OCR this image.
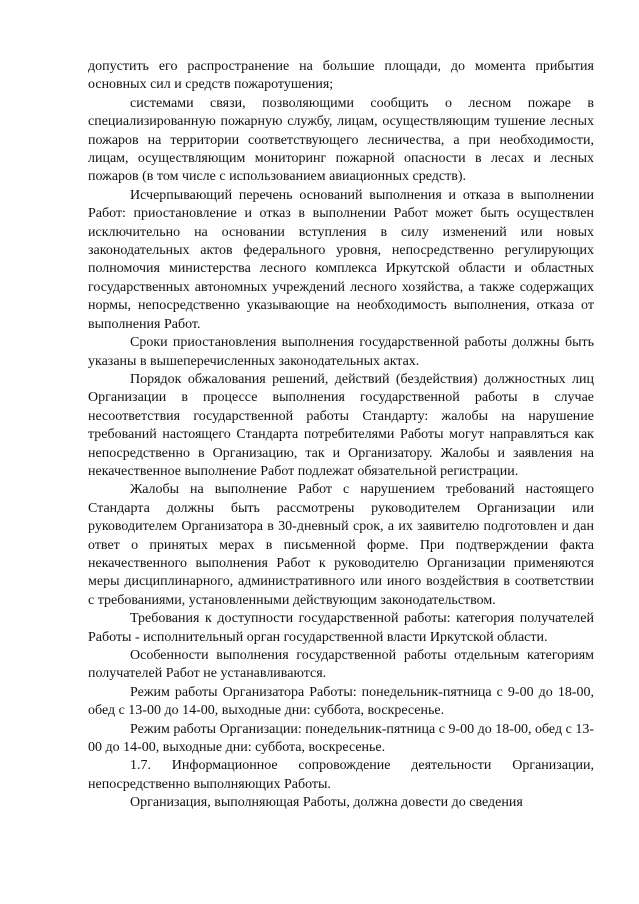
допустить его распространение на большие площади, до момента прибытия основных сил и средств пожаротушения;

системами связи, позволяющими сообщить о лесном пожаре в специализированную пожарную службу, лицам, осуществляющим тушение лесных пожаров на территории соответствующего лесничества, а при необходимости, лицам, осуществляющим мониторинг пожарной опасности в лесах и лесных пожаров (в том числе с использованием авиационных средств).

Исчерпывающий перечень оснований выполнения и отказа в выполнении Работ: приостановление и отказ в выполнении Работ может быть осуществлен исключительно на основании вступления в силу изменений или новых законодательных актов федерального уровня, непосредственно регулирующих полномочия министерства лесного комплекса Иркутской области и областных государственных автономных учреждений лесного хозяйства, а также содержащих нормы, непосредственно указывающие на необходимость выполнения, отказа от выполнения Работ.

Сроки приостановления выполнения государственной работы должны быть указаны в вышеперечисленных законодательных актах.

Порядок обжалования решений, действий (бездействия) должностных лиц Организации в процессе выполнения государственной работы в случае несоответствия государственной работы Стандарту: жалобы на нарушение требований настоящего Стандарта потребителями Работы могут направляться как непосредственно в Организацию, так и Организатору. Жалобы и заявления на некачественное выполнение Работ подлежат обязательной регистрации.

Жалобы на выполнение Работ с нарушением требований настоящего Стандарта должны быть рассмотрены руководителем Организации или руководителем Организатора в 30-дневный срок, а их заявителю подготовлен и дан ответ о принятых мерах в письменной форме. При подтверждении факта некачественного выполнения Работ к руководителю Организации применяются меры дисциплинарного, административного или иного воздействия в соответствии с требованиями, установленными действующим законодательством.

Требования к доступности государственной работы: категория получателей Работы - исполнительный орган государственной власти Иркутской области.

Особенности выполнения государственной работы отдельным категориям получателей Работ не устанавливаются.

Режим работы Организатора Работы: понедельник-пятница с 9-00 до 18-00, обед с 13-00 до 14-00, выходные дни: суббота, воскресенье.

Режим работы Организации: понедельник-пятница с 9-00 до 18-00, обед с 13-00 до 14-00, выходные дни: суббота, воскресенье.

1.7. Информационное сопровождение деятельности Организации, непосредственно выполняющих Работы.

Организация, выполняющая Работы, должна довести до сведения
